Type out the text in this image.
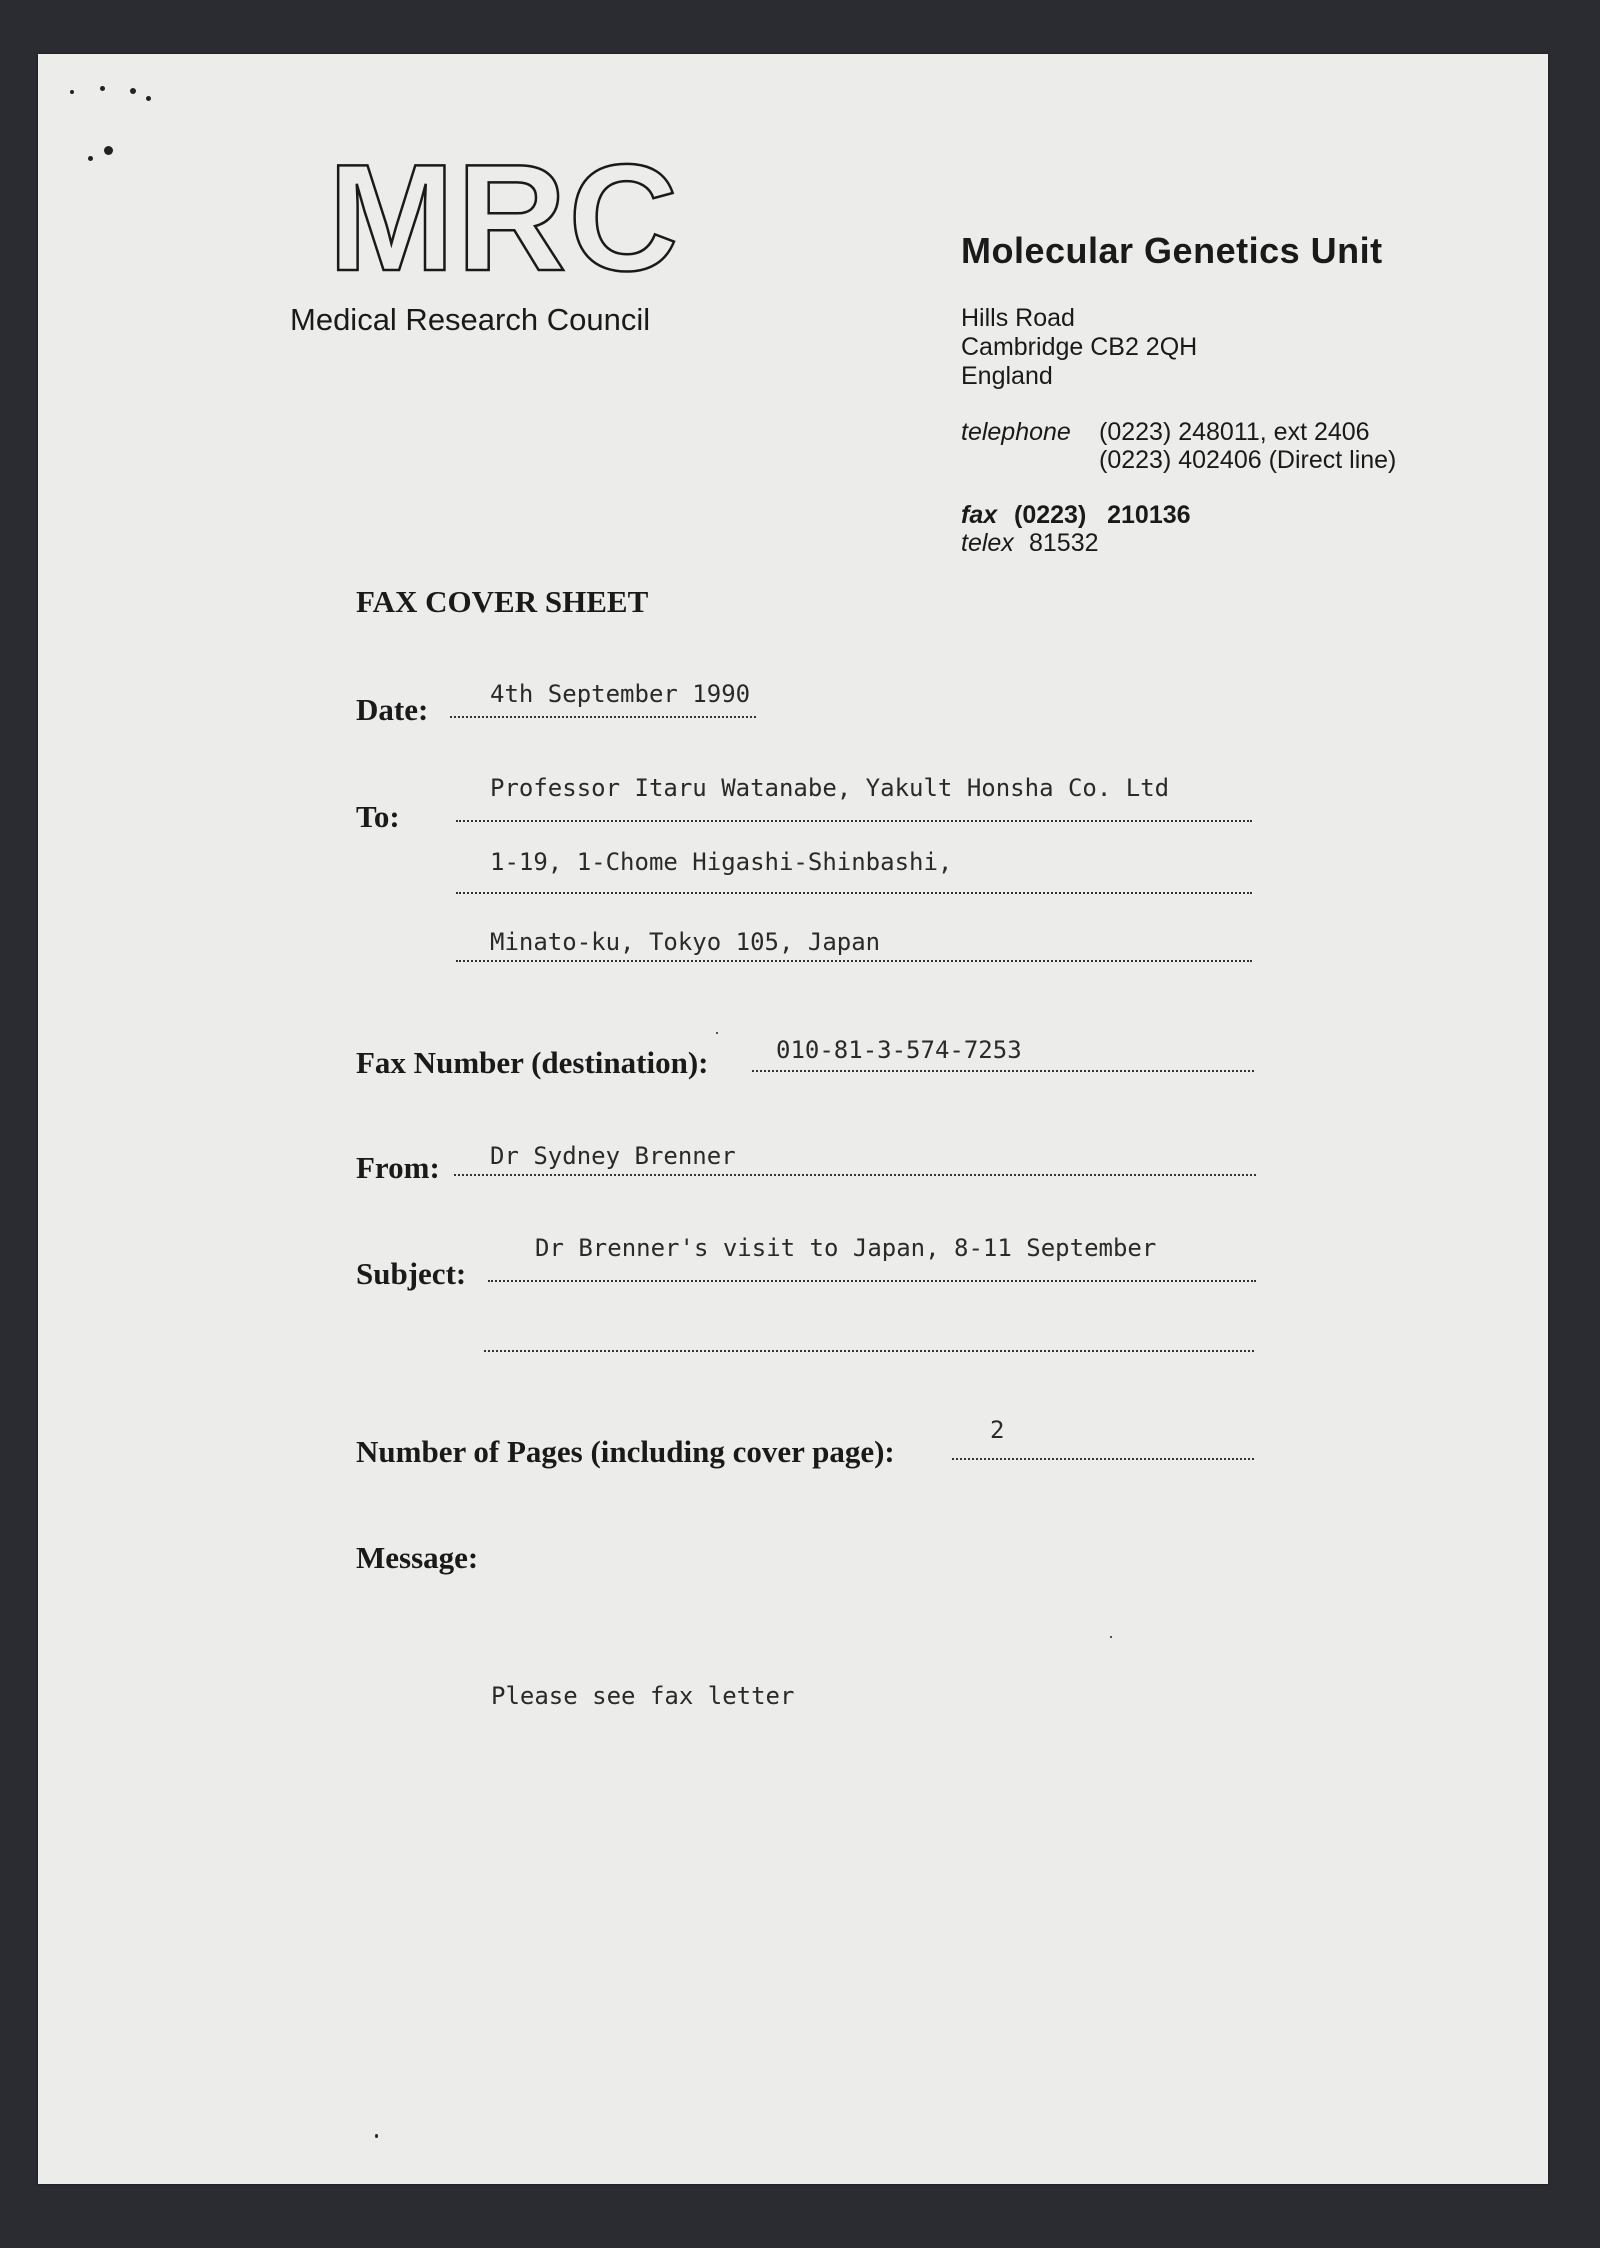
MRC
Medical Research Council
Molecular Genetics Unit
Hills Road
Cambridge CB2 2QH
England
telephone (0223) 248011, ext 2406
(0223) 402406 (Direct line)
fax (0223)   210136
telex 81532
FAX COVER SHEET
Date:	4th September 1990
To:
Professor Itaru Watanabe, Yakult Honsha Co. Ltd
1-19, 1-Chome Higashi-Shinbashi,
Minato-ku, Tokyo 105, Japan
Fax Number (destination):	010-81-3-574-7253
From: Dr Sydney Brenner
Subject:
Dr Brenner's visit to Japan, 8-11 September
Number of Pages (including cover page):
2
Message:
Please see fax letter
